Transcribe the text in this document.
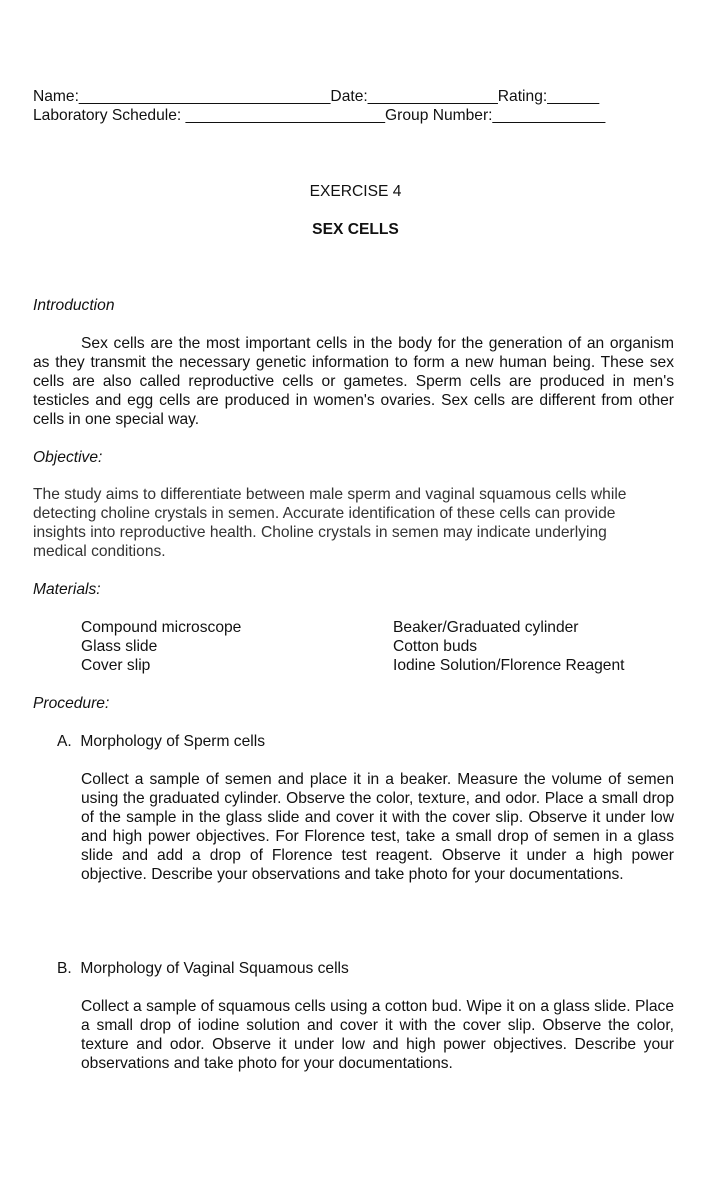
Name:_____________________________Date:_______________Rating:______
Laboratory Schedule: _______________________Group Number:_____________
EXERCISE 4
SEX CELLS
Introduction
Sex cells are the most important cells in the body for the generation of an organism as they transmit the necessary genetic information to form a new human being. These sex cells are also called reproductive cells or gametes. Sperm cells are produced in men's testicles and egg cells are produced in women's ovaries. Sex cells are different from other cells in one special way.
Objective:
The study aims to differentiate between male sperm and vaginal squamous cells while
detecting choline crystals in semen. Accurate identification of these cells can provide
insights into reproductive health. Choline crystals in semen may indicate underlying
medical conditions.
Materials:
Compound microscope
Glass slide
Cover slip
Beaker/Graduated cylinder
Cotton buds
Iodine Solution/Florence Reagent
Procedure:
A.  Morphology of Sperm cells
Collect a sample of semen and place it in a beaker. Measure the volume of semen using the graduated cylinder. Observe the color, texture, and odor. Place a small drop of the sample in the glass slide and cover it with the cover slip. Observe it under low and high power objectives. For Florence test, take a small drop of semen in a glass slide and add a drop of Florence test reagent. Observe it under a high power objective. Describe your observations and take photo for your documentations.
B.  Morphology of Vaginal Squamous cells
Collect a sample of squamous cells using a cotton bud. Wipe it on a glass slide. Place a small drop of iodine solution and cover it with the cover slip. Observe the color, texture and odor. Observe it under low and high power objectives. Describe your observations and take photo for your documentations.
